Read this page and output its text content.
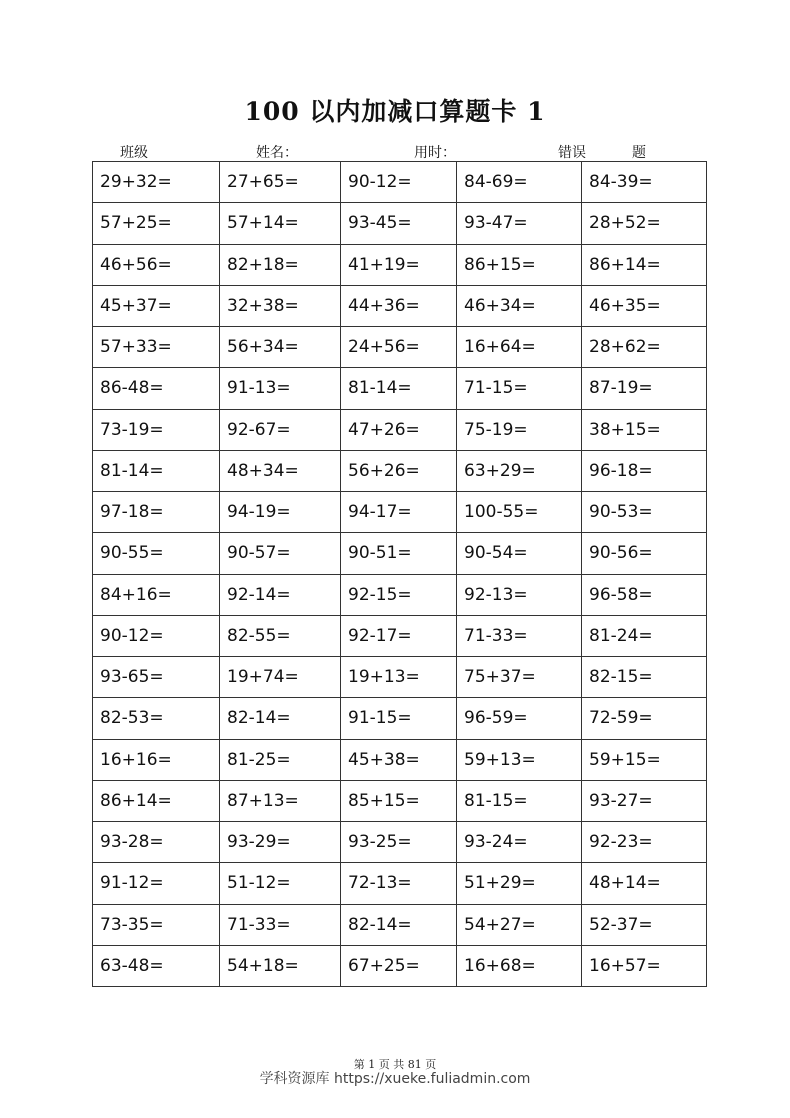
100 以内加减口算题卡 1
班级	姓名：	用时：	错误	题
29+32=	27+65=	90-12=	84-69=	84-39=
57+25=	57+14=	93-45=	93-47=	28+52=
46+56=	82+18=	41+19=	86+15=	86+14=
45+37=	32+38=	44+36=	46+34=	46+35=
57+33=	56+34=	24+56=	16+64=	28+62=
86-48=	91-13=	81-14=	71-15=	87-19=
73-19=	92-67=	47+26=	75-19=	38+15=
81-14=	48+34=	56+26=	63+29=	96-18=
97-18=	94-19=	94-17=	100-55=	90-53=
90-55=	90-57=	90-51=	90-54=	90-56=
84+16=	92-14=	92-15=	92-13=	96-58=
90-12=	82-55=	92-17=	71-33=	81-24=
93-65=	19+74=	19+13=	75+37=	82-15=
82-53=	82-14=	91-15=	96-59=	72-59=
16+16=	81-25=	45+38=	59+13=	59+15=
86+14=	87+13=	85+15=	81-15=	93-27=
93-28=	93-29=	93-25=	93-24=	92-23=
91-12=	51-12=	72-13=	51+29=	48+14=
73-35=	71-33=	82-14=	54+27=	52-37=
63-48=	54+18=	67+25=	16+68=	16+57=
第 1 页 共 81 页
学科资源库 https://xueke.fuliadmin.com
